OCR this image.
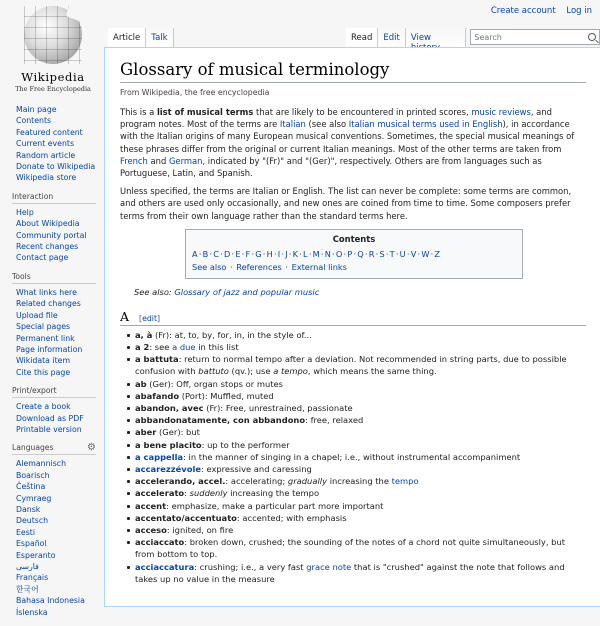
Create account Log in
Wikipedia
The Free Encyclopedia
Article	Talk	Read	Edit	View	Search
Main page
Contents
Featured content
Current events
Random article
Donate to Wikipedia
Wikipedia store
Interaction
Help
About Wikipedia
Community portal
Recent changes
Contact page
Tools
What links here
Related changes
Upload file
Special pages
Permanent link
Page information
Wikidata item
Cite this page
Print/export
Create a book
Download as PDF
Printable version
Languages	⚙
Alemannisch
Boarisch
Čeština
Cymraeg
Dansk
Deutsch
Eesti
Español
Esperanto
فارسی
Français
한국어
Bahasa Indonesia
Íslenska
Glossary of musical terminology
From Wikipedia, the free encyclopedia

This is a list of musical terms that are likely to be encountered in printed scores, music reviews, and program notes. Most of the terms are Italian (see also Italian musical terms used in English), in accordance with the Italian origins of many European musical conventions. Sometimes, the special musical meanings of these phrases differ from the original or current Italian meanings. Most of the other terms are taken from French and German, indicated by "(Fr)" and "(Ger)", respectively. Others are from languages such as Portuguese, Latin, and Spanish.

Unless specified, the terms are Italian or English. The list can never be complete: some terms are common, and others are used only occasionally, and new ones are coined from time to time. Some composers prefer terms from their own language rather than the standard terms here.

Contents
A·B·C·D·E·F·G·H·I·J·K·L·M·N·O·P·Q·R·S·T·U·V·W·Z
See also · References · External links
See also: Glossary of jazz and popular music
A [edit]
a, à (Fr): at, to, by, for, in, in the style of...
a 2: see a due in this list
a battuta: return to normal tempo after a deviation. Not recommended in string parts, due to possible confusion with battuto (qv.); use a tempo, which means the same thing.
ab (Ger): Off, organ stops or mutes
abafando (Port): Muffled, muted
abandon, avec (Fr): Free, unrestrained, passionate
abbandonatamente, con abbandono: free, relaxed
aber (Ger): but
a bene placito: up to the performer
a cappella: in the manner of singing in a chapel; i.e., without instrumental accompaniment
accarezzévole: expressive and caressing
accelerando, accel.: accelerating; gradually increasing the tempo
accelerato: suddenly increasing the tempo
accent: emphasize, make a particular part more important
accentato/accentuato: accented; with emphasis
acceso: ignited, on fire
acciaccato: broken down, crushed; the sounding of the notes of a chord not quite simultaneously, but from bottom to top.
acciaccatura: crushing; i.e., a very fast grace note that is "crushed" against the note that follows and takes up no value in the measure
